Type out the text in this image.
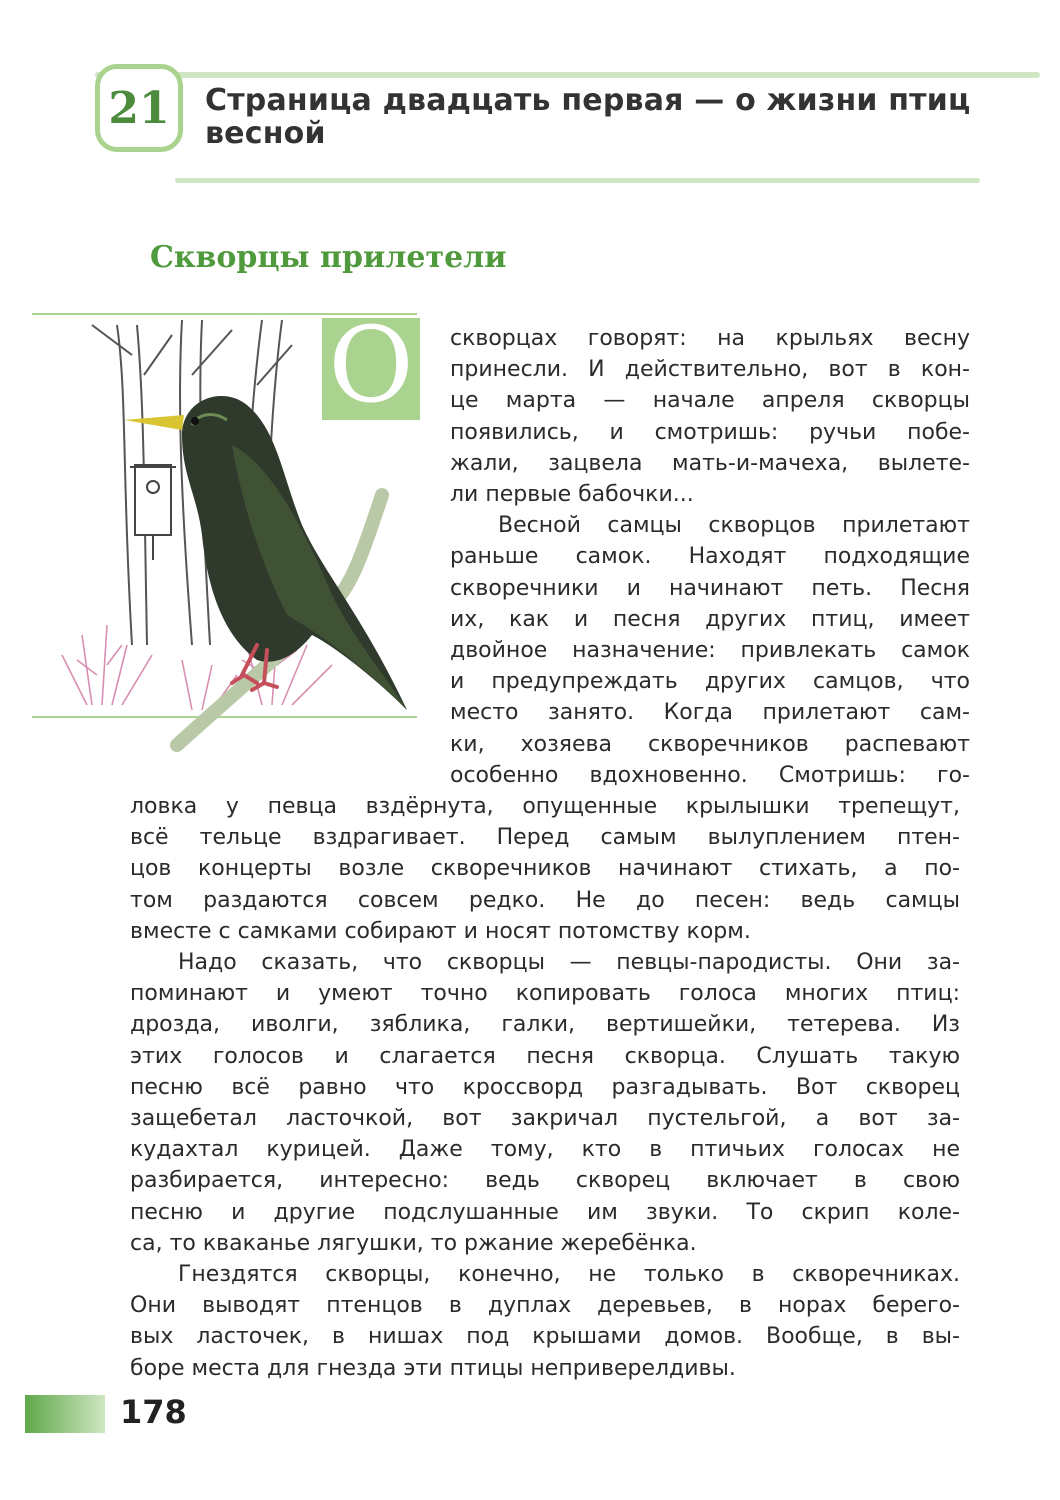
21 Страница двадцать первая — о жизни птиц весной
Скворцы прилетели
О скворцах говорят: на крыльях весну
принесли. И действительно, вот в кон-
це марта — начале апреля скворцы
появились, и смотришь: ручьи побе-
жали, зацвела мать-и-мачеха, вылете-
ли первые бабочки...
Весной самцы скворцов прилетают
раньше самок. Находят подходящие
скворечники и начинают петь. Песня
их, как и песня других птиц, имеет
двойное назначение: привлекать самок
и предупреждать других самцов, что
место занято. Когда прилетают сам-
ки, хозяева скворечников распевают
особенно вдохновенно. Смотришь: го-
ловка у певца вздёрнута, опущенные крылышки трепещут,
всё тельце вздрагивает. Перед самым вылуплением птен-
цов концерты возле скворечников начинают стихать, а по-
том раздаются совсем редко. Не до песен: ведь самцы
вместе с самками собирают и носят потомству корм.
Надо сказать, что скворцы — певцы-пародисты. Они за-
поминают и умеют точно копировать голоса многих птиц:
дрозда, иволги, зяблика, галки, вертишейки, тетерева. Из
этих голосов и слагается песня скворца. Слушать такую
песню всё равно что кроссворд разгадывать. Вот скворец
защебетал ласточкой, вот закричал пустельгой, а вот за-
кудахтал курицей. Даже тому, кто в птичьих голосах не
разбирается, интересно: ведь скворец включает в свою
песню и другие подслушанные им звуки. То скрип коле-
са, то кваканье лягушки, то ржание жеребёнка.
Гнездятся скворцы, конечно, не только в скворечниках.
Они выводят птенцов в дуплах деревьев, в норах берего-
вых ласточек, в нишах под крышами домов. Вообще, в вы-
боре места для гнезда эти птицы неприверелдивы.
178
